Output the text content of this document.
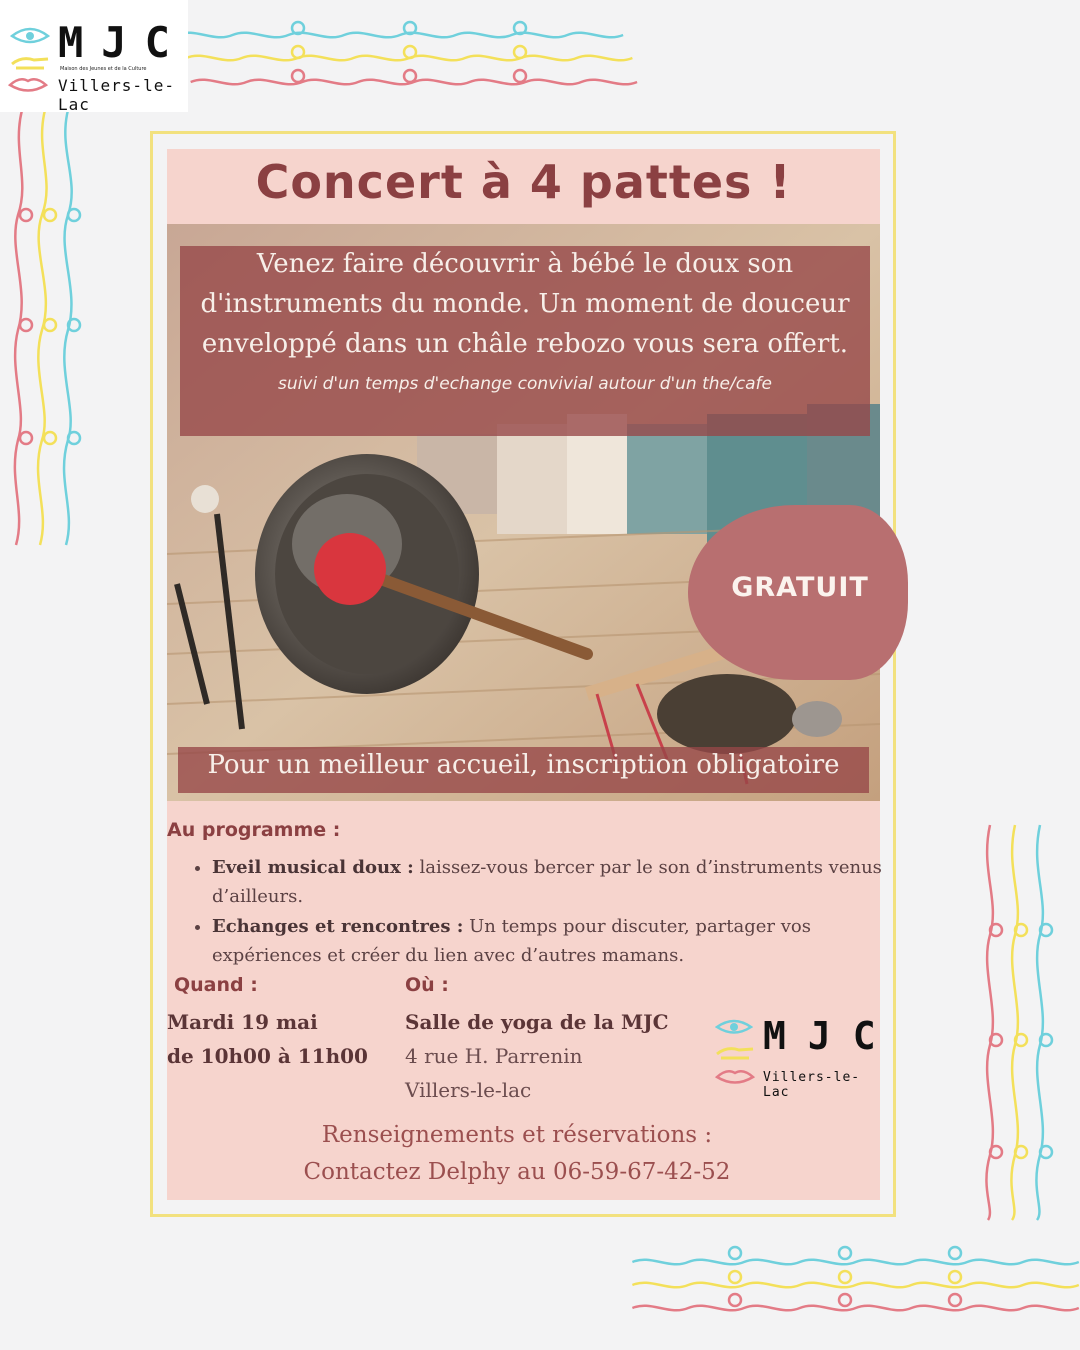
MJC
Maison des Jeunes et de la Culture
Villers-le-Lac
Concert à 4 pattes !
Venez faire découvrir à bébé le doux son d'instruments du monde. Un moment de douceur enveloppé dans un châle rebozo vous sera offert.
suivi d'un temps d'echange convivial autour d'un the/cafe
GRATUIT
Pour un meilleur accueil, inscription obligatoire
Au programme :
• Eveil musical doux : laissez-vous bercer par le son d’instruments venus d’ailleurs.
• Echanges et rencontres : Un temps pour discuter, partager vos expériences et créer du lien avec d’autres mamans.
Quand :
Mardi 19 mai
de 10h00 à 11h00
Où :
Salle de yoga de la MJC
4 rue H. Parrenin
Villers-le-lac
MJC
Villers-le-Lac
Renseignements et réservations :
Contactez Delphy au 06-59-67-42-52
